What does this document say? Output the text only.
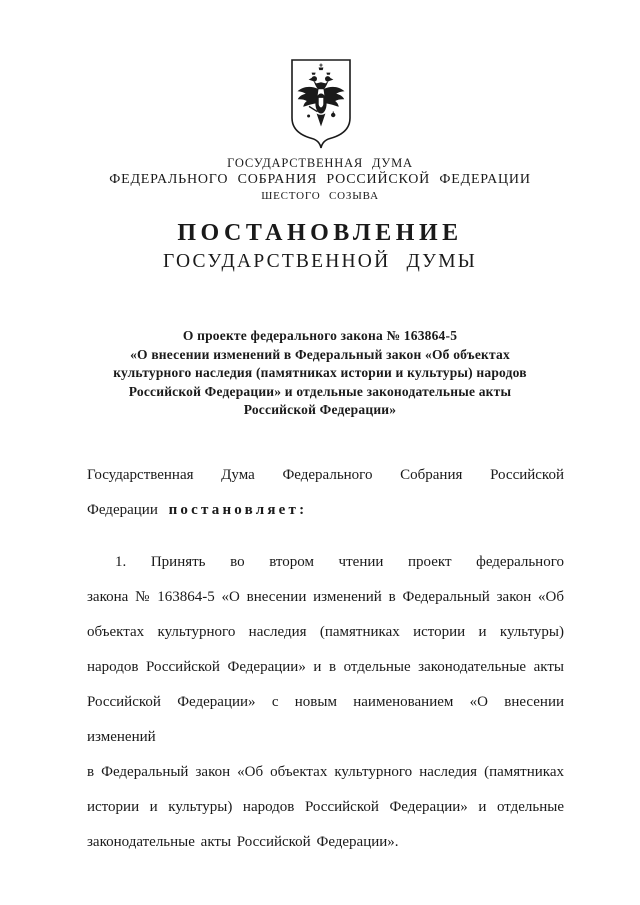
ГОСУДАРСТВЕННАЯ ДУМА
ФЕДЕРАЛЬНОГО СОБРАНИЯ РОССИЙСКОЙ ФЕДЕРАЦИИ
ШЕСТОГО СОЗЫВА
ПОСТАНОВЛЕНИЕ
ГОСУДАРСТВЕННОЙ ДУМЫ
О проекте федерального закона № 163864-5
«О внесении изменений в Федеральный закон «Об объектах
культурного наследия (памятниках истории и культуры) народов
Российской Федерации» и отдельные законодательные акты
Российской Федерации»
Государственная Дума Федерального Собрания Российской
Федерации постановляет:
1. Принять во втором чтении проект федерального
закона № 163864-5 «О внесении изменений в Федеральный закон «Об
объектах культурного наследия (памятниках истории и культуры)
народов Российской Федерации» и в отдельные законодательные акты
Российской Федерации» с новым наименованием «О внесении изменений
в Федеральный закон «Об объектах культурного наследия (памятниках
истории и культуры) народов Российской Федерации» и отдельные
законодательные акты Российской Федерации».
